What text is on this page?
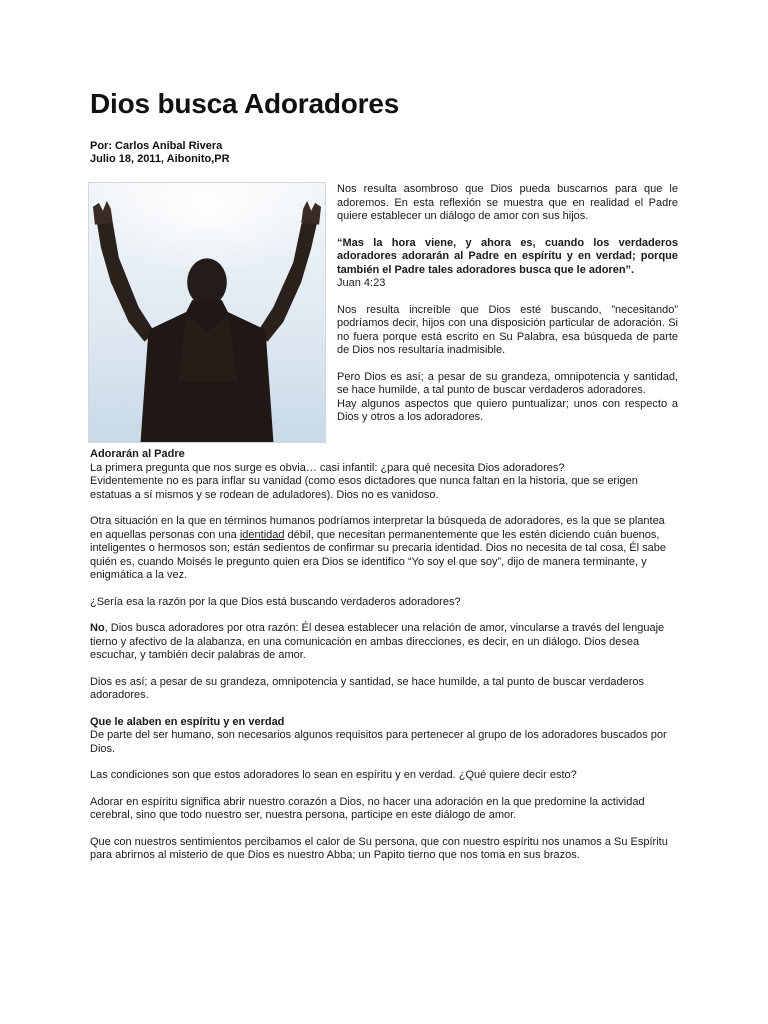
Dios busca Adoradores
Por: Carlos Anibal Rivera
Julio 18, 2011, Aibonito,PR

Nos resulta asombroso que Dios pueda buscarnos para que le adoremos. En esta reflexión se muestra que en realidad el Padre quiere establecer un diálogo de amor con sus hijos.

“Mas la hora viene, y ahora es, cuando los verdaderos adoradores adorarán al Padre en espíritu y en verdad; porque también el Padre tales adoradores busca que le adoren”.
Juan 4:23

Nos resulta increíble que Dios esté buscando, ”necesitando” podríamos decir, hijos con una disposición particular de adoración. Si no fuera porque está escrito en Su Palabra, esa búsqueda de parte de Dios nos resultaría inadmisible.

Pero Dios es así; a pesar de su grandeza, omnipotencia y santidad, se hace humilde, a tal punto de buscar verdaderos adoradores.
Hay algunos aspectos que quiero puntualizar; unos con respecto a Dios y otros a los adoradores.

Adorarán al Padre
La primera pregunta que nos surge es obvia… casi infantil: ¿para qué necesita Dios adoradores?
Evidentemente no es para inflar su vanidad (como esos dictadores que nunca faltan en la historia, que se erigen estatuas a sí mismos y se rodean de aduladores). Dios no es vanidoso.

Otra situación en la que en términos humanos podríamos interpretar la búsqueda de adoradores, es la que se plantea en aquellas personas con una identidad débil, que necesitan permanentemente que les estén diciendo cuán buenos, inteligentes o hermosos son; están sedientos de confirmar su precaria identidad. Dios no necesita de tal cosa, Él sabe quién es, cuando Moisés le pregunto quien era Dios se identifico “Yo soy el que soy”, dijo de manera terminante, y enigmática a la vez.

¿Sería esa la razón por la que Dios está buscando verdaderos adoradores?

No, Dios busca adoradores por otra razón: Él desea establecer una relación de amor, vincularse a través del lenguaje tierno y afectivo de la alabanza, en una comunicación en ambas direcciones, es decir, en un diálogo. Dios desea escuchar, y también decir palabras de amor.

Dios es así; a pesar de su grandeza, omnipotencia y santidad, se hace humilde, a tal punto de buscar verdaderos adoradores.

Que le alaben en espíritu y en verdad
De parte del ser humano, son necesarios algunos requisitos para pertenecer al grupo de los adoradores buscados por Dios.

Las condiciones son que estos adoradores lo sean en espíritu y en verdad. ¿Qué quiere decir esto?

Adorar en espíritu significa abrir nuestro corazón a Dios, no hacer una adoración en la que predomine la actividad cerebral, sino que todo nuestro ser, nuestra persona, participe en este diálogo de amor.

Que con nuestros sentimientos percibamos el calor de Su persona, que con nuestro espíritu nos unamos a Su Espíritu para abrirnos al misterio de que Dios es nuestro Abba; un Papito tierno que nos toma en sus brazos.
